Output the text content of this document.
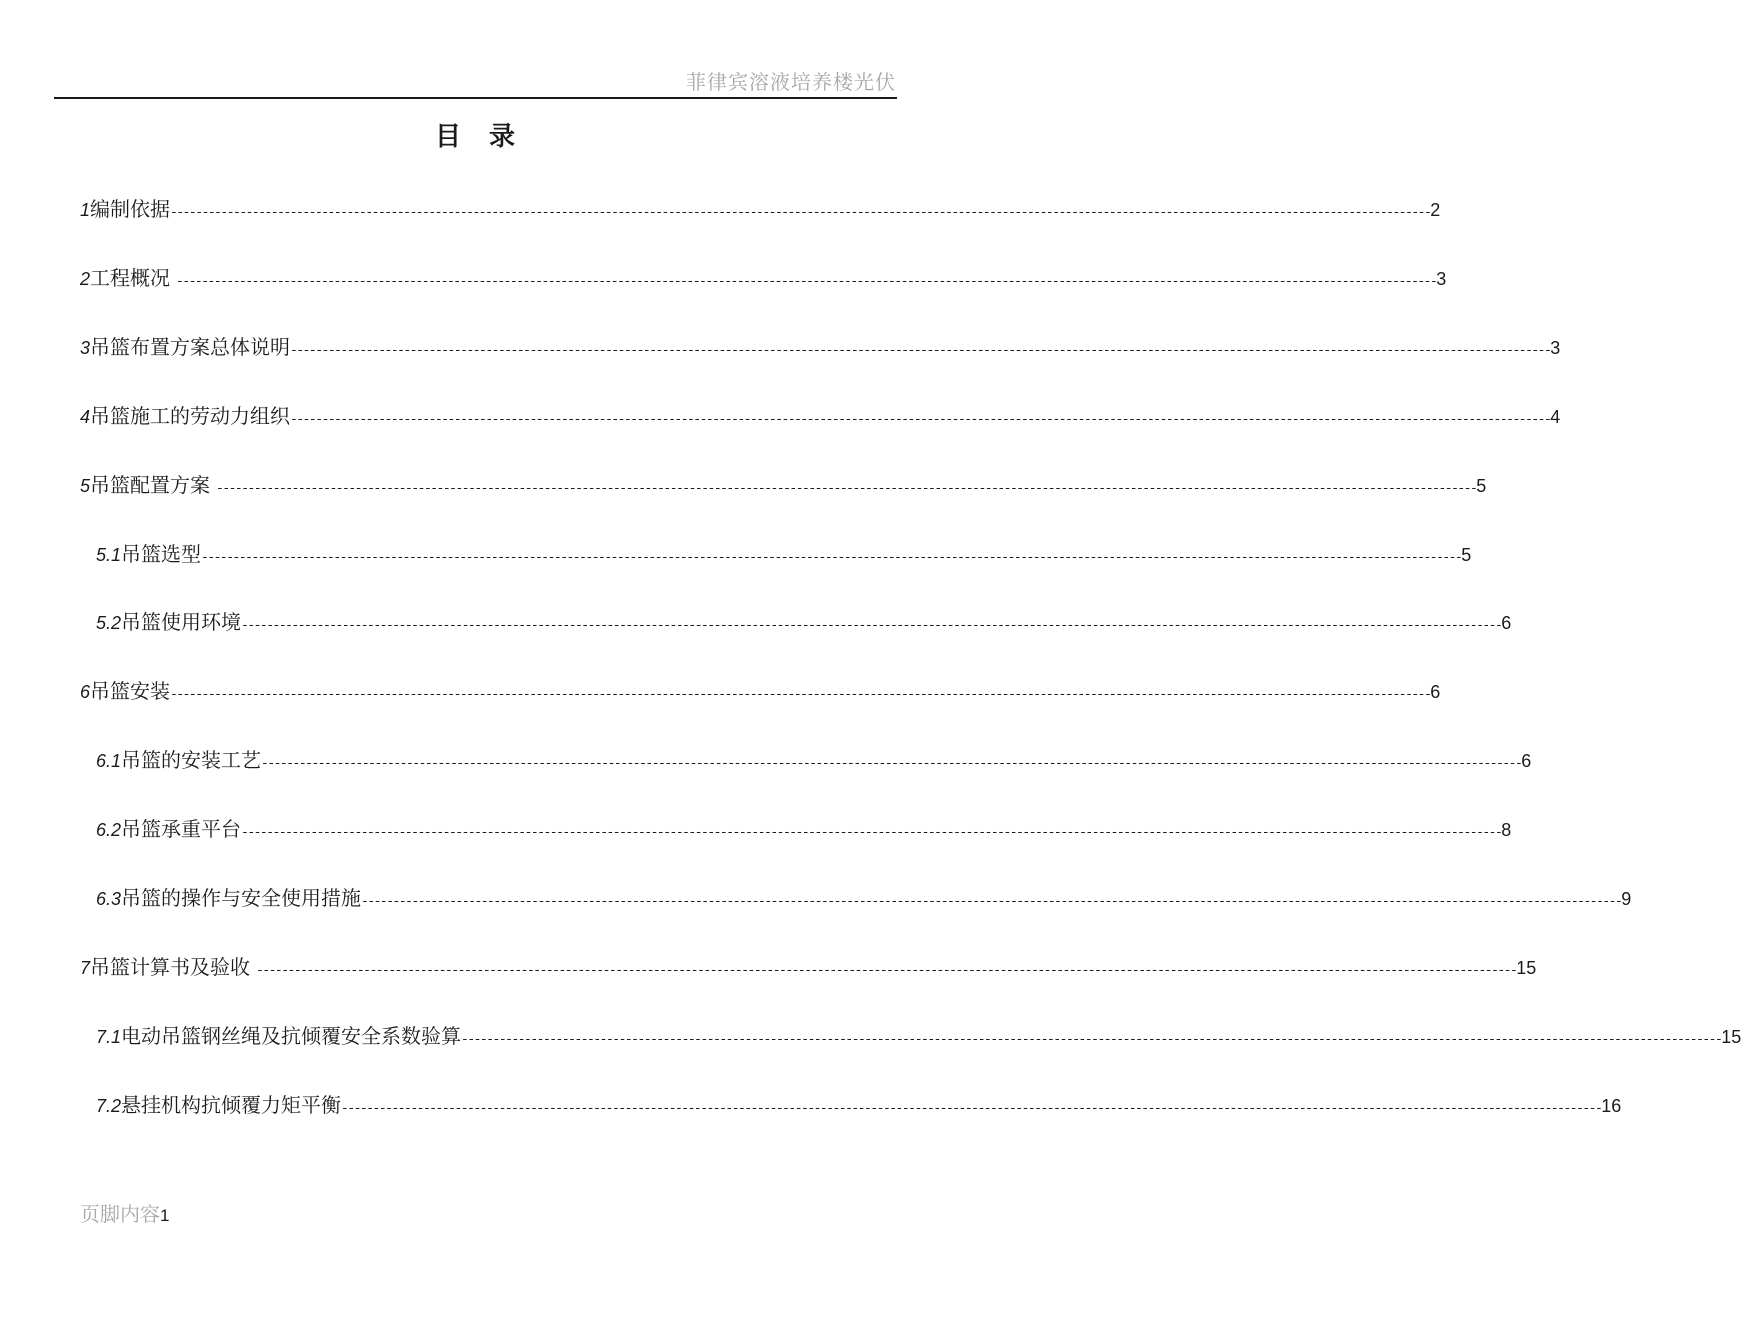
菲律宾溶液培养楼光伏
目录
1 编制依据 -------------------------------------------------------------------------------------------------------------------------------------------------------------------------------------------------------- 2
2 工程概况 -------------------------------------------------------------------------------------------------------------------------------------------------------------------------------------------------------- 3
3 吊篮布置方案总体说明 -------------------------------------------------------------------------------------------------------------------------------------------------------------------------------------------------------- 3
4 吊篮施工的劳动力组织 -------------------------------------------------------------------------------------------------------------------------------------------------------------------------------------------------------- 4
5 吊篮配置方案 -------------------------------------------------------------------------------------------------------------------------------------------------------------------------------------------------------- 5
5.1 吊篮选型 -------------------------------------------------------------------------------------------------------------------------------------------------------------------------------------------------------- 5
5.2 吊篮使用环境 -------------------------------------------------------------------------------------------------------------------------------------------------------------------------------------------------------- 6
6 吊篮安装 -------------------------------------------------------------------------------------------------------------------------------------------------------------------------------------------------------- 6
6.1 吊篮的安装工艺 -------------------------------------------------------------------------------------------------------------------------------------------------------------------------------------------------------- 6
6.2 吊篮承重平台 -------------------------------------------------------------------------------------------------------------------------------------------------------------------------------------------------------- 8
6.3 吊篮的操作与安全使用措施 -------------------------------------------------------------------------------------------------------------------------------------------------------------------------------------------------------- 9
7 吊篮计算书及验收 -------------------------------------------------------------------------------------------------------------------------------------------------------------------------------------------------------- 15
7.1 电动吊篮钢丝绳及抗倾覆安全系数验算 -------------------------------------------------------------------------------------------------------------------------------------------------------------------------------------------------------- 15
7.2 悬挂机构抗倾覆力矩平衡 -------------------------------------------------------------------------------------------------------------------------------------------------------------------------------------------------------- 16
页脚内容1
